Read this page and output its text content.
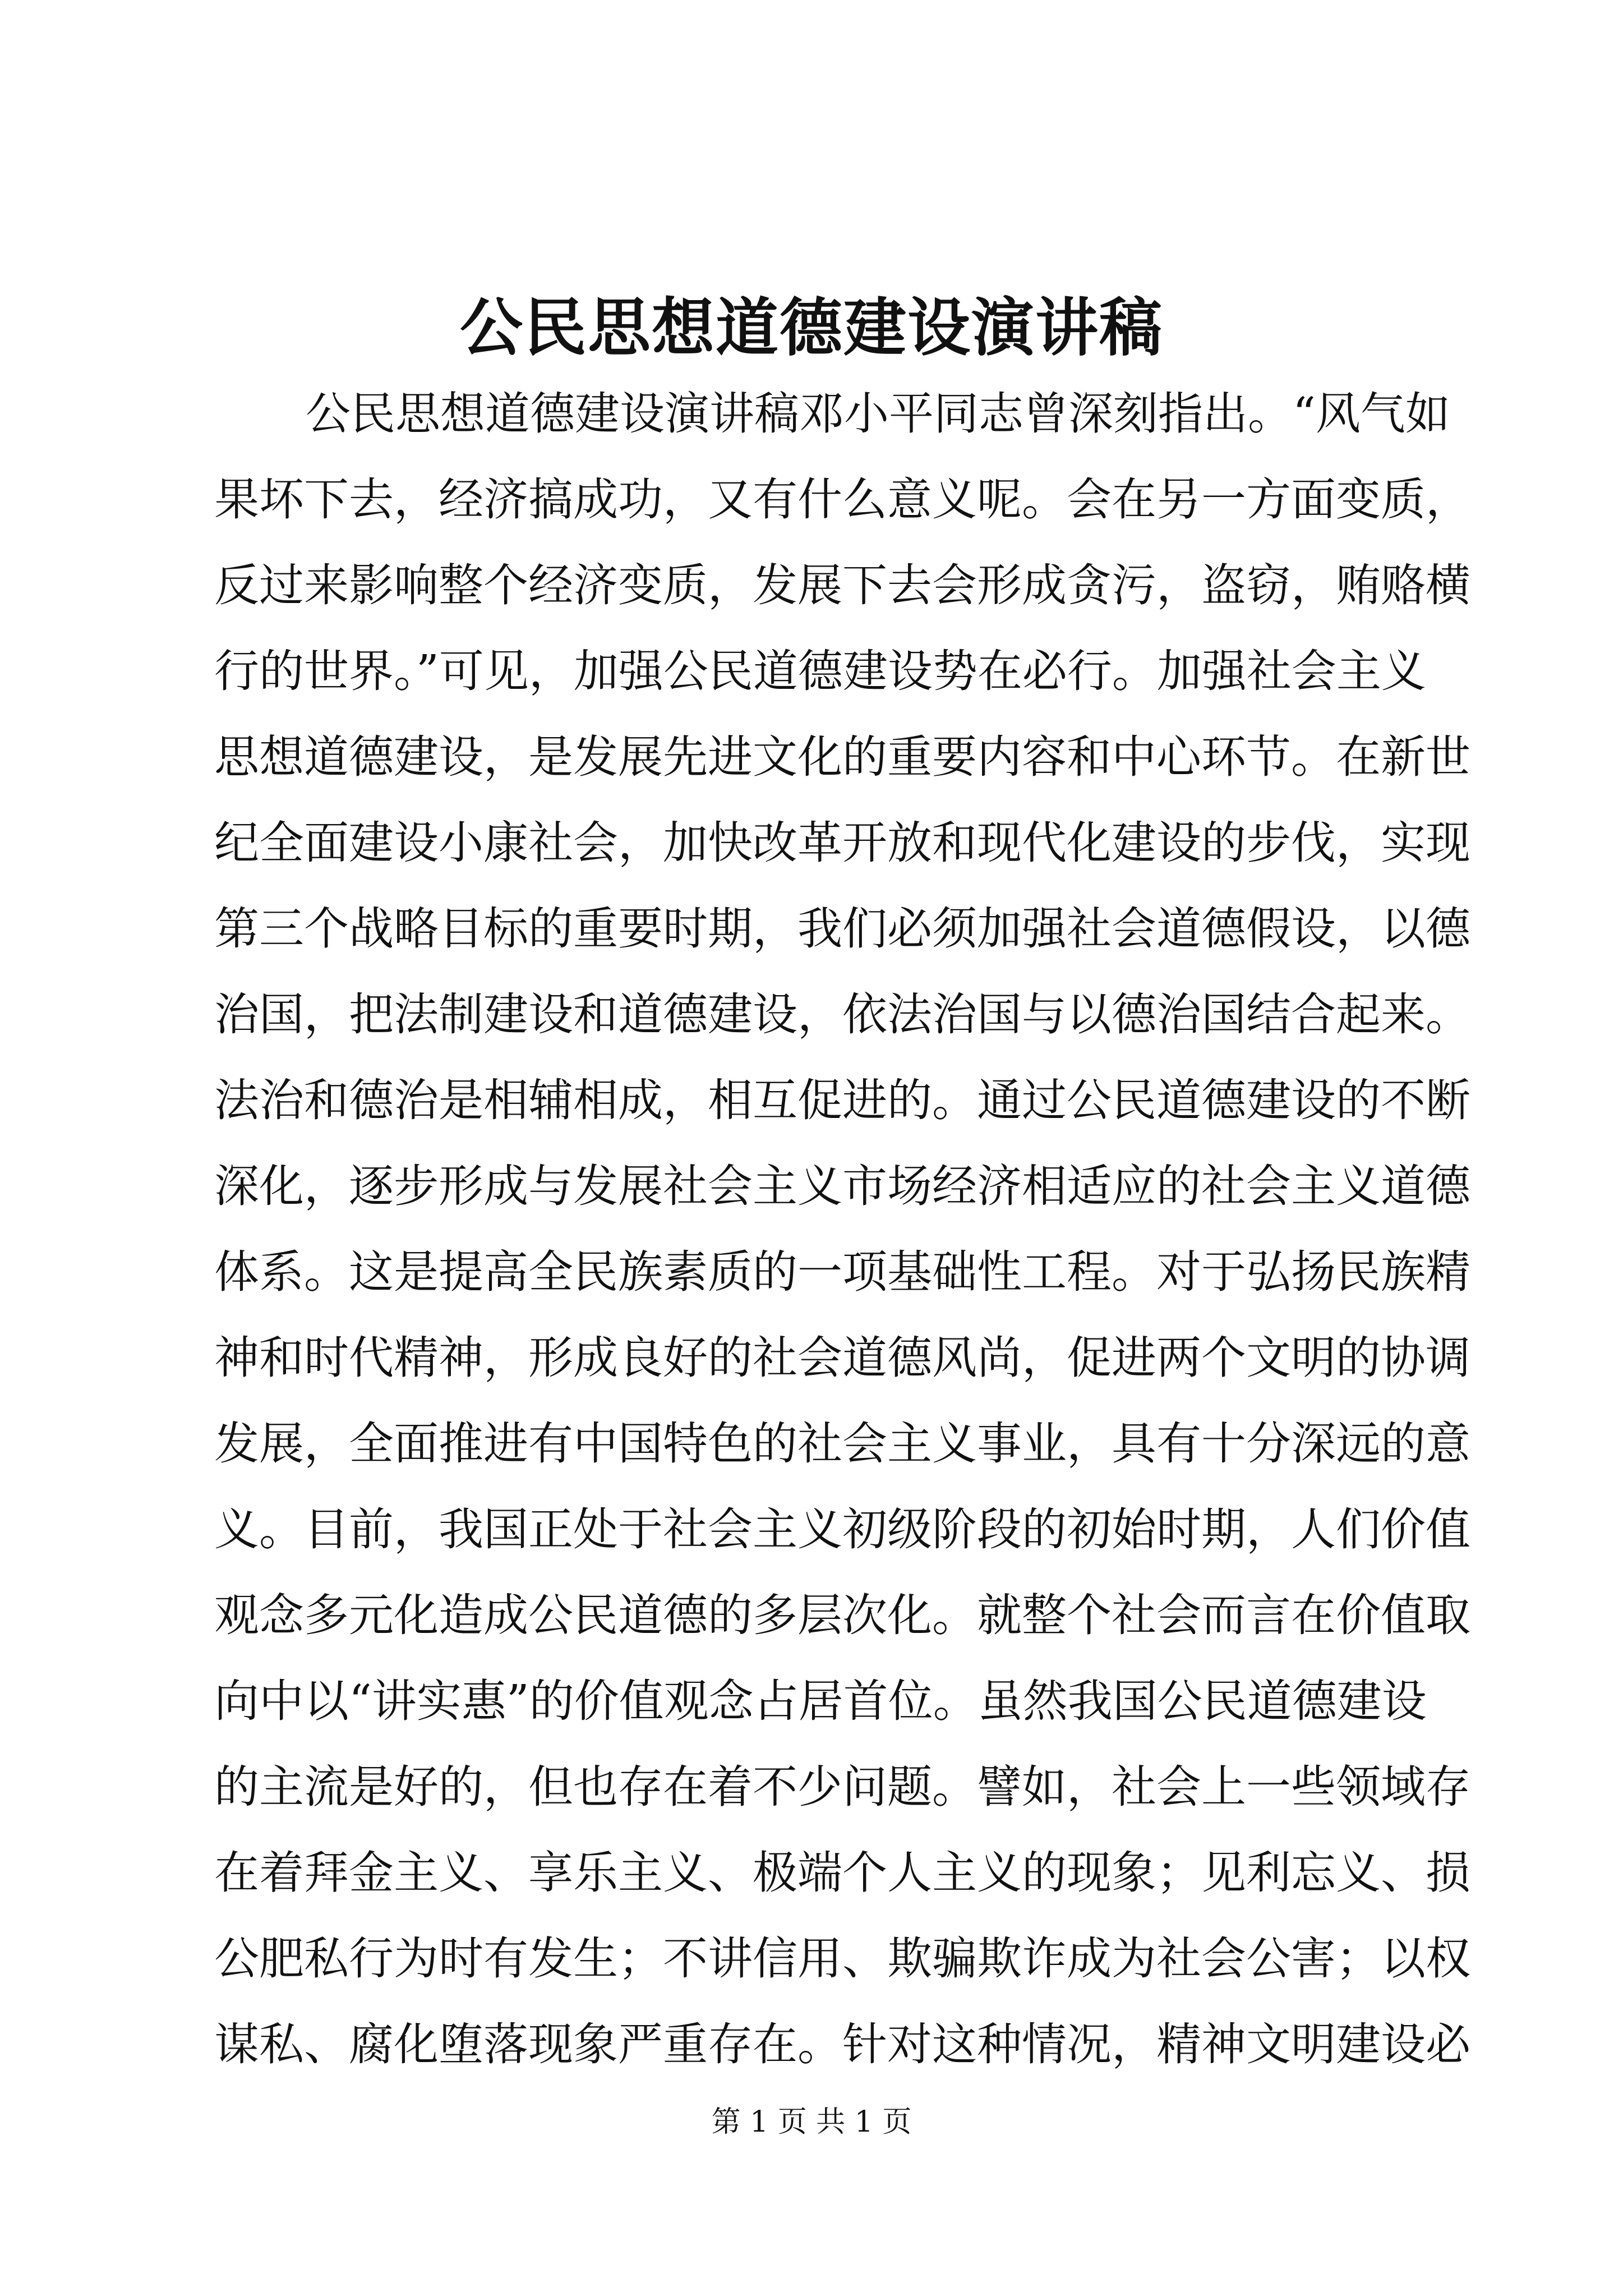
公民思想道德建设演讲稿
公民思想道德建设演讲稿邓小平同志曾深刻指出。“风气如
果坏下去，经济搞成功，又有什么意义呢。会在另一方面变质，
反过来影响整个经济变质，发展下去会形成贪污，盗窃，贿赂横
行的世界。”可见，加强公民道德建设势在必行。加强社会主义
思想道德建设，是发展先进文化的重要内容和中心环节。在新世
纪全面建设小康社会，加快改革开放和现代化建设的步伐，实现
第三个战略目标的重要时期，我们必须加强社会道德假设，以德
治国，把法制建设和道德建设，依法治国与以德治国结合起来。
法治和德治是相辅相成，相互促进的。通过公民道德建设的不断
深化，逐步形成与发展社会主义市场经济相适应的社会主义道德
体系。这是提高全民族素质的一项基础性工程。对于弘扬民族精
神和时代精神，形成良好的社会道德风尚，促进两个文明的协调
发展，全面推进有中国特色的社会主义事业，具有十分深远的意
义。目前，我国正处于社会主义初级阶段的初始时期，人们价值
观念多元化造成公民道德的多层次化。就整个社会而言在价值取
向中以“讲实惠”的价值观念占居首位。虽然我国公民道德建设
的主流是好的，但也存在着不少问题。譬如，社会上一些领域存
在着拜金主义、享乐主义、极端个人主义的现象；见利忘义、损
公肥私行为时有发生；不讲信用、欺骗欺诈成为社会公害；以权
谋私、腐化堕落现象严重存在。针对这种情况，精神文明建设必
第 1 页 共 1 页
